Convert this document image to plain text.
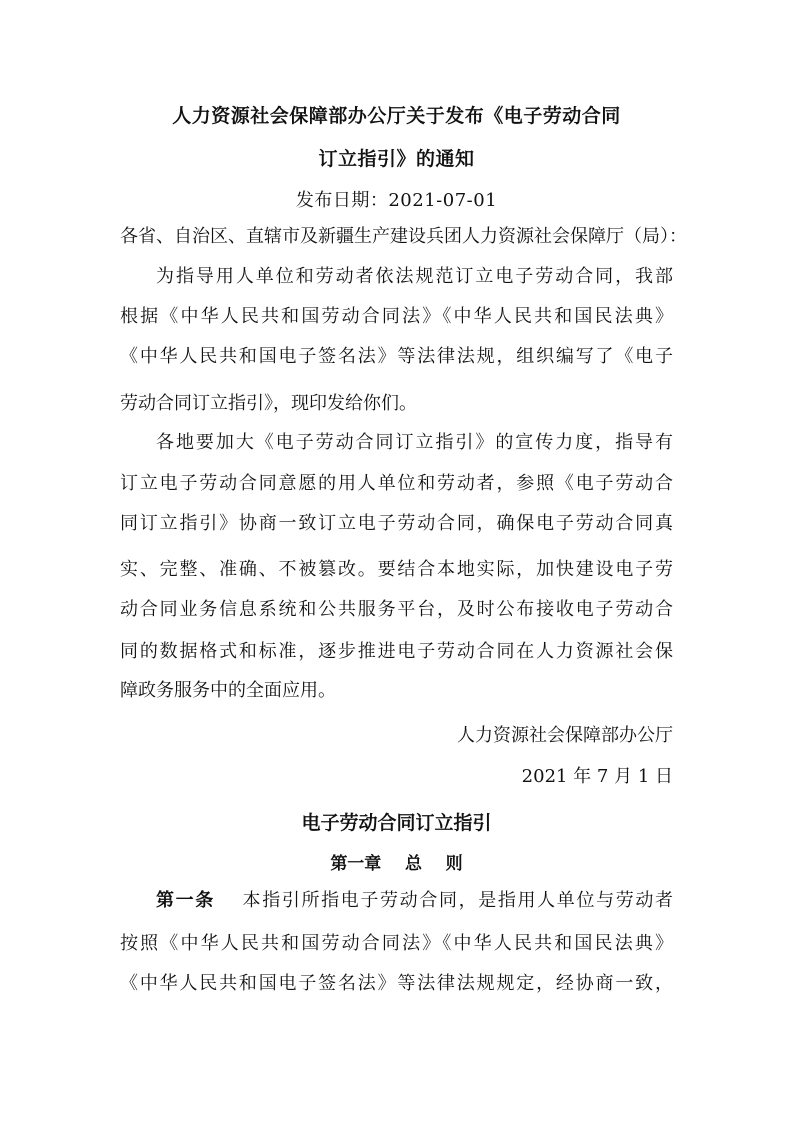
人力资源社会保障部办公厅关于发布《电子劳动合同
订立指引》的通知
发布日期：2021-07-01
各省、自治区、直辖市及新疆生产建设兵团人力资源社会保障厅（局）：
为指导用人单位和劳动者依法规范订立电子劳动合同，我部
根据《中华人民共和国劳动合同法》《中华人民共和国民法典》
《中华人民共和国电子签名法》等法律法规，组织编写了《电子
劳动合同订立指引》，现印发给你们。
各地要加大《电子劳动合同订立指引》的宣传力度，指导有
订立电子劳动合同意愿的用人单位和劳动者，参照《电子劳动合
同订立指引》协商一致订立电子劳动合同，确保电子劳动合同真
实、完整、准确、不被篡改。要结合本地实际，加快建设电子劳
动合同业务信息系统和公共服务平台，及时公布接收电子劳动合
同的数据格式和标准，逐步推进电子劳动合同在人力资源社会保
障政务服务中的全面应用。
人力资源社会保障部办公厅
2021 年 7 月 1 日
电子劳动合同订立指引
第一章    总    则
第一条 本指引所指电子劳动合同，是指用人单位与劳动者
按照《中华人民共和国劳动合同法》《中华人民共和国民法典》
《中华人民共和国电子签名法》等法律法规规定，经协商一致，
